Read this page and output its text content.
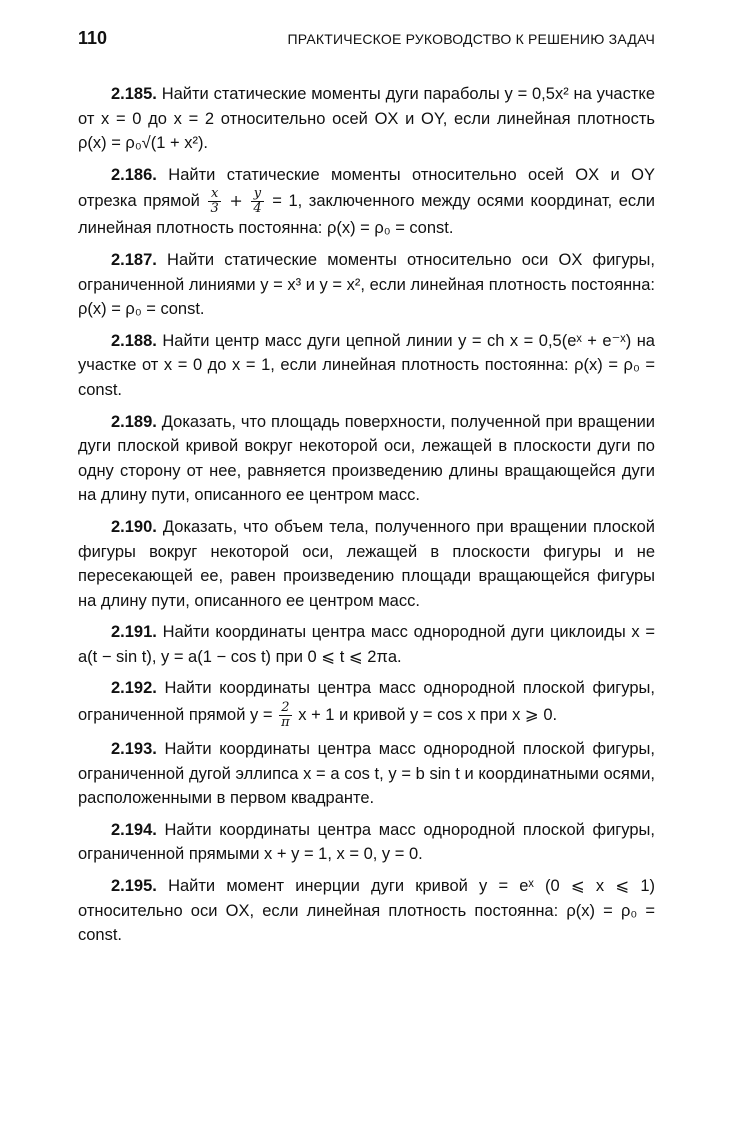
110	ПРАКТИЧЕСКОЕ РУКОВОДСТВО К РЕШЕНИЮ ЗАДАЧ

2.185. Найти статические моменты дуги параболы y = 0,5x² на участке от x = 0 до x = 2 относительно осей OX и OY, если линейная плотность ρ(x) = ρ₀√(1 + x²).

2.186. Найти статические моменты относительно осей OX и OY отрезка прямой $\frac{x}{3} + \frac{y}{4} = 1$, заключенного между осями координат, если линейная плотность постоянна: ρ(x) = ρ₀ = const.

2.187. Найти статические моменты относительно оси OX фигуры, ограниченной линиями y = x³ и y = x², если линейная плотность постоянна: ρ(x) = ρ₀ = const.

2.188. Найти центр масс дуги цепной линии y = ch x = 0,5(eˣ + e⁻ˣ) на участке от x = 0 до x = 1, если линейная плотность постоянна: ρ(x) = ρ₀ = const.

2.189. Доказать, что площадь поверхности, полученной при вращении дуги плоской кривой вокруг некоторой оси, лежащей в плоскости дуги по одну сторону от нее, равняется произведению длины вращающейся дуги на длину пути, описанного ее центром масс.

2.190. Доказать, что объем тела, полученного при вращении плоской фигуры вокруг некоторой оси, лежащей в плоскости фигуры и не пересекающей ее, равен произведению площади вращающейся фигуры на длину пути, описанного ее центром масс.

2.191. Найти координаты центра масс однородной дуги циклоиды x = a(t − sin t), y = a(1 − cos t) при 0 ⩽ t ⩽ 2πa.

2.192. Найти координаты центра масс однородной плоской фигуры, ограниченной прямой $y = \frac{2}{\pi}$ x + 1 и кривой y = cos x при x ⩾ 0.

2.193. Найти координаты центра масс однородной плоской фигуры, ограниченной дугой эллипса x = a cos t, y = b sin t и координатными осями, расположенными в первом квадранте.

2.194. Найти координаты центра масс однородной плоской фигуры, ограниченной прямыми x + y = 1, x = 0, y = 0.

2.195. Найти момент инерции дуги кривой y = eˣ (0 ⩽ x ⩽ 1) относительно оси OX, если линейная плотность постоянна: ρ(x) = ρ₀ = const.
